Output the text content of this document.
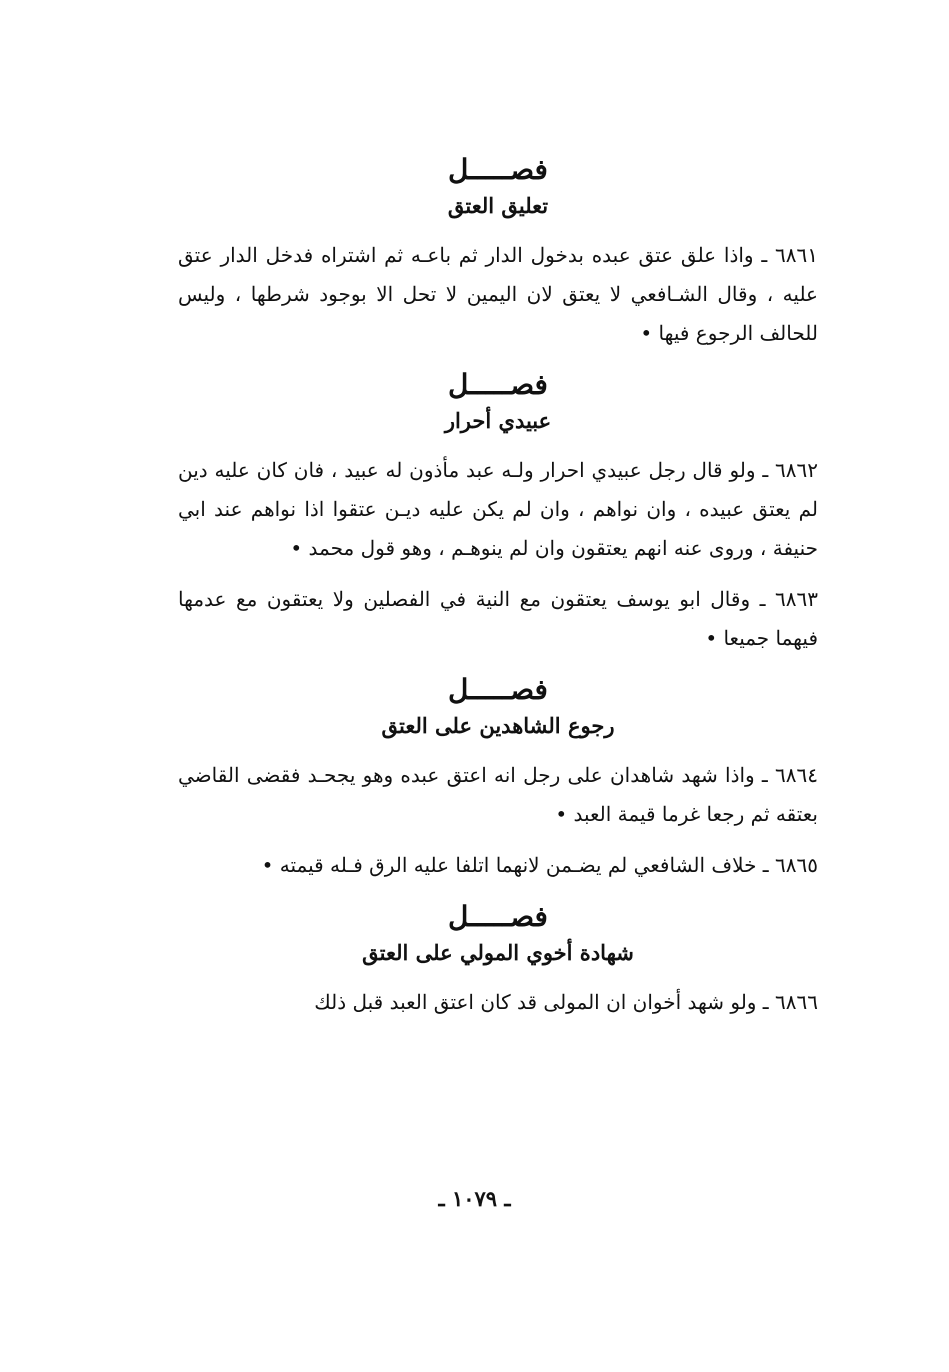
فصـــــل
تعليق العتق

٦٨٦١ ـ واذا علق عتق عبده بدخول الدار ثم باعـه ثم اشتراه فدخل الدار عتق عليه ، وقال الشـافعي لا يعتق لان اليمين لا تحل الا بوجود شرطها ، وليس للحالف الرجوع فيها •

فصـــــل
عبيدي أحرار

٦٨٦٢ ـ ولو قال رجل عبيدي احرار ولـه عبد مأذون له عبيد ، فان كان عليه دين لم يعتق عبيده ، وان نواهم ، وان لم يكن عليه ديـن عتقوا اذا نواهم عند ابي حنيفة ، وروى عنه انهم يعتقون وان لم ينوهـم ، وهو قول محمد •

٦٨٦٣ ـ وقال ابو يوسف يعتقون مع النية في الفصلين ولا يعتقون مع عدمها فيهما جميعا •

فصـــــل
رجوع الشاهدين على العتق

٦٨٦٤ ـ واذا شهد شاهدان على رجل انه اعتق عبده وهو يجحـد فقضى القاضي بعتقه ثم رجعا غرما قيمة العبد •

٦٨٦٥ ـ خلاف الشافعي لم يضـمن لانهما اتلفا عليه الرق فـله قيمته •

فصـــــل
شهادة أخوي المولي على العتق

٦٨٦٦ ـ ولو شهد أخوان ان المولى قد كان اعتق العبد قبل ذلك

ـ ١٠٧٩ ـ
